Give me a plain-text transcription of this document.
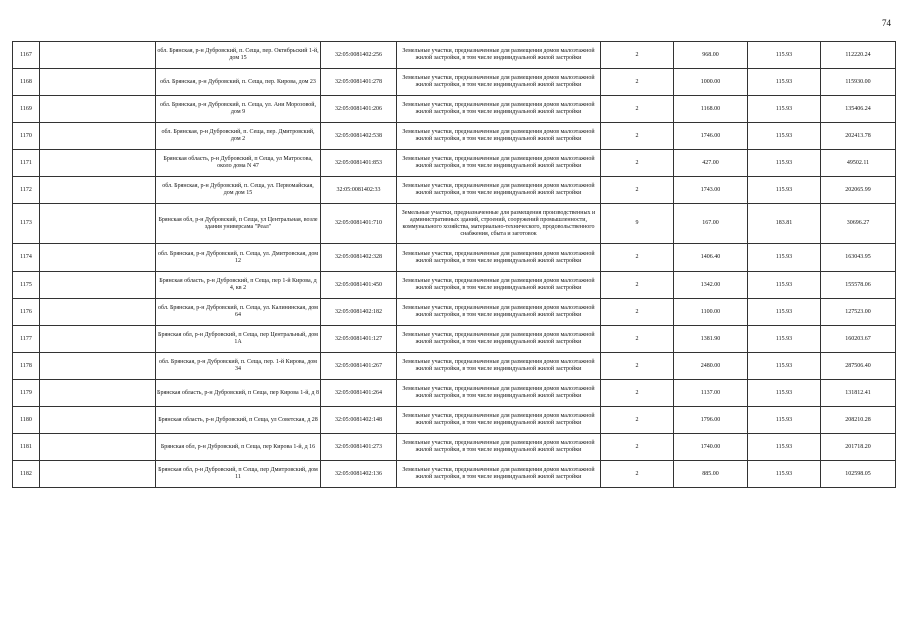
74
1167		обл. Брянская, р-н Дубровский, п. Сеща, пер. Октябрьский 1-й, дом 15	32:05:0081402:256	Земельные участки, предназначенные для размещения домов малоэтажной жилой застройки, в том числе индивидуальной жилой застройки	2	968.00	115.93	112220.24
1168		обл. Брянская, р-н Дубровский, п. Сеща, пер. Кирова, дом 23	32:05:0081401:278	Земельные участки, предназначенные для размещения домов малоэтажной жилой застройки, в том числе индивидуальной жилой застройки	2	1000.00	115.93	115930.00
1169		обл. Брянская, р-н Дубровский, п. Сеща, ул. Ани Морозовой, дом 9	32:05:0081401:206	Земельные участки, предназначенные для размещения домов малоэтажной жилой застройки, в том числе индивидуальной жилой застройки	2	1168.00	115.93	135406.24
1170		обл. Брянская, р-н Дубровский, п. Сеща, пер. Дмитровский, дом 2	32:05:0081402:538	Земельные участки, предназначенные для размещения домов малоэтажной жилой застройки, в том числе индивидуальной жилой застройки	2	1746.00	115.93	202413.78
1171		Брянская область, р-н Дубровский, п Сеща, ул Матросова, около дома N 47	32:05:0081401:853	Земельные участки, предназначенные для размещения домов малоэтажной жилой застройки, в том числе индивидуальной жилой застройки	2	427.00	115.93	49502.11
1172		обл. Брянская, р-н Дубровский, п. Сеща, ул. Первомайская, дом дом 15	32:05:0081402:33	Земельные участки, предназначенные для размещения домов малоэтажной жилой застройки, в том числе индивидуальной жилой застройки	2	1743.00	115.93	202065.99
1173		Брянская обл, р-н Дубровский, п Сеща, ул Центральная, возле здания универсама "Реал"	32:05:0081401:710	Земельные участки, предназначенные для размещения производственных и административных зданий, строений, сооружений промышленности, коммунального хозяйства, материально-технического, продовольственного снабжения, сбыта и заготовок	9	167.00	183.81	30696.27
1174		обл. Брянская, р-н Дубровский, п. Сеща, ул. Дмитровская, дом 12	32:05:0081402:328	Земельные участки, предназначенные для размещения домов малоэтажной жилой застройки, в том числе индивидуальной жилой застройки	2	1406.40	115.93	163043.95
1175		Брянская область, р-н Дубровский, п Сеща, пер 1-й Кирова, д 4, кв 2	32:05:0081401:450	Земельные участки, предназначенные для размещения домов малоэтажной жилой застройки, в том числе индивидуальной жилой застройки	2	1342.00	115.93	155578.06
1176		обл. Брянская, р-н Дубровский, п. Сеща, ул. Калининская, дом 64	32:05:0081402:182	Земельные участки, предназначенные для размещения домов малоэтажной жилой застройки, в том числе индивидуальной жилой застройки	2	1100.00	115.93	127523.00
1177		Брянская обл, р-н Дубровский, п Сеща, пер Центральный, дом 1А	32:05:0081401:127	Земельные участки, предназначенные для размещения домов малоэтажной жилой застройки, в том числе индивидуальной жилой застройки	2	1381.90	115.93	160203.67
1178		обл. Брянская, р-н Дубровский, п. Сеща, пер. 1-й Кирова, дом 34	32:05:0081401:267	Земельные участки, предназначенные для размещения домов малоэтажной жилой застройки, в том числе индивидуальной жилой застройки	2	2480.00	115.93	287506.40
1179		Брянская область, р-н Дубровский, п Сеща, пер Кирова 1-й, д 8	32:05:0081401:264	Земельные участки, предназначенные для размещения домов малоэтажной жилой застройки, в том числе индивидуальной жилой застройки	2	1137.00	115.93	131812.41
1180		Брянская область, р-н Дубровский, п Сеща, ул Советская, д 28	32:05:0081402:148	Земельные участки, предназначенные для размещения домов малоэтажной жилой застройки, в том числе индивидуальной жилой застройки	2	1796.00	115.93	208210.28
1181		Брянская обл, р-н Дубровский, п Сеща, пер Кирова 1-й, д 16	32:05:0081401:273	Земельные участки, предназначенные для размещения домов малоэтажной жилой застройки, в том числе индивидуальной жилой застройки	2	1740.00	115.93	201718.20
1182		Брянская обл, р-н Дубровский, п Сеща, пер Дмитровский, дом 11	32:05:0081402:136	Земельные участки, предназначенные для размещения домов малоэтажной жилой застройки, в том числе индивидуальной жилой застройки	2	885.00	115.93	102598.05
